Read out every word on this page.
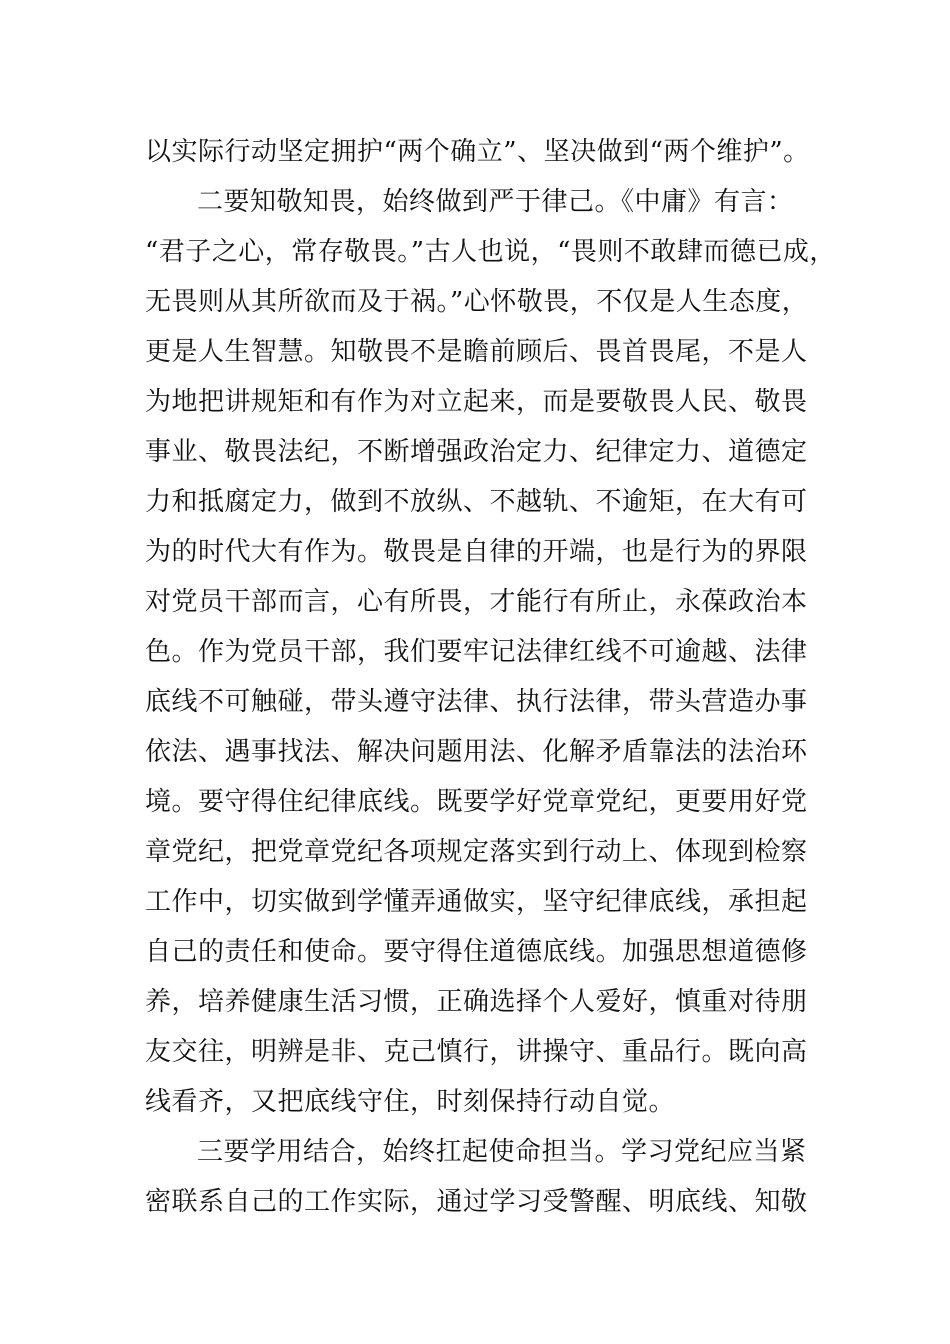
以实际行动坚定拥护“两个确立”、坚决做到“两个维护”。
二要知敬知畏，始终做到严于律己。《中庸》有言：
“君子之心，常存敬畏。”古人也说，“畏则不敢肆而德已成，
无畏则从其所欲而及于祸。”心怀敬畏，不仅是人生态度，
更是人生智慧。知敬畏不是瞻前顾后、畏首畏尾，不是人
为地把讲规矩和有作为对立起来，而是要敬畏人民、敬畏
事业、敬畏法纪，不断增强政治定力、纪律定力、道德定
力和抵腐定力，做到不放纵、不越轨、不逾矩，在大有可
为的时代大有作为。敬畏是自律的开端，也是行为的界限
对党员干部而言，心有所畏，才能行有所止，永葆政治本
色。作为党员干部，我们要牢记法律红线不可逾越、法律
底线不可触碰，带头遵守法律、执行法律，带头营造办事
依法、遇事找法、解决问题用法、化解矛盾靠法的法治环
境。要守得住纪律底线。既要学好党章党纪，更要用好党
章党纪，把党章党纪各项规定落实到行动上、体现到检察
工作中，切实做到学懂弄通做实，坚守纪律底线，承担起
自己的责任和使命。要守得住道德底线。加强思想道德修
养，培养健康生活习惯，正确选择个人爱好，慎重对待朋
友交往，明辨是非、克己慎行，讲操守、重品行。既向高
线看齐，又把底线守住，时刻保持行动自觉。
三要学用结合，始终扛起使命担当。学习党纪应当紧
密联系自己的工作实际，通过学习受警醒、明底线、知敬
